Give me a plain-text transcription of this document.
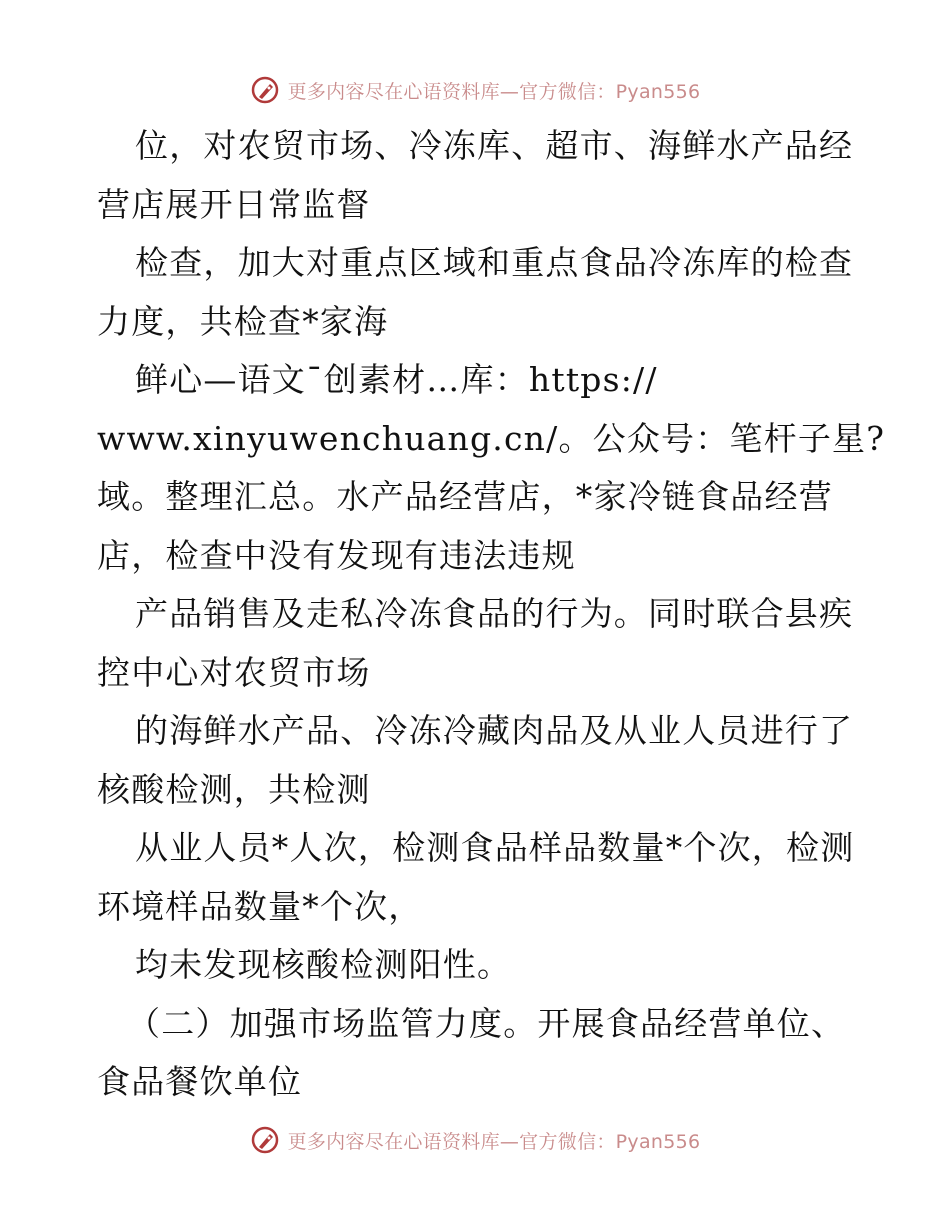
更多内容尽在心语资料库—官方微信：Pyan556
位，对农贸市场、冷冻库、超市、海鲜水产品经
营店展开日常监督
检查，加大对重点区域和重点食品冷冻库的检查
力度，共检查*家海
鲜心—语文¯创素材…库：https://
www.xinyuwenchuang.cn/。公众号：笔杆子星?
域。整理汇总。水产品经营店，*家冷链食品经营
店，检查中没有发现有违法违规
产品销售及走私冷冻食品的行为。同时联合县疾
控中心对农贸市场
的海鲜水产品、冷冻冷藏肉品及从业人员进行了
核酸检测，共检测
从业人员*人次，检测食品样品数量*个次，检测
环境样品数量*个次，
均未发现核酸检测阳性。
（二）加强市场监管力度。开展食品经营单位、
食品餐饮单位
更多内容尽在心语资料库—官方微信：Pyan556
